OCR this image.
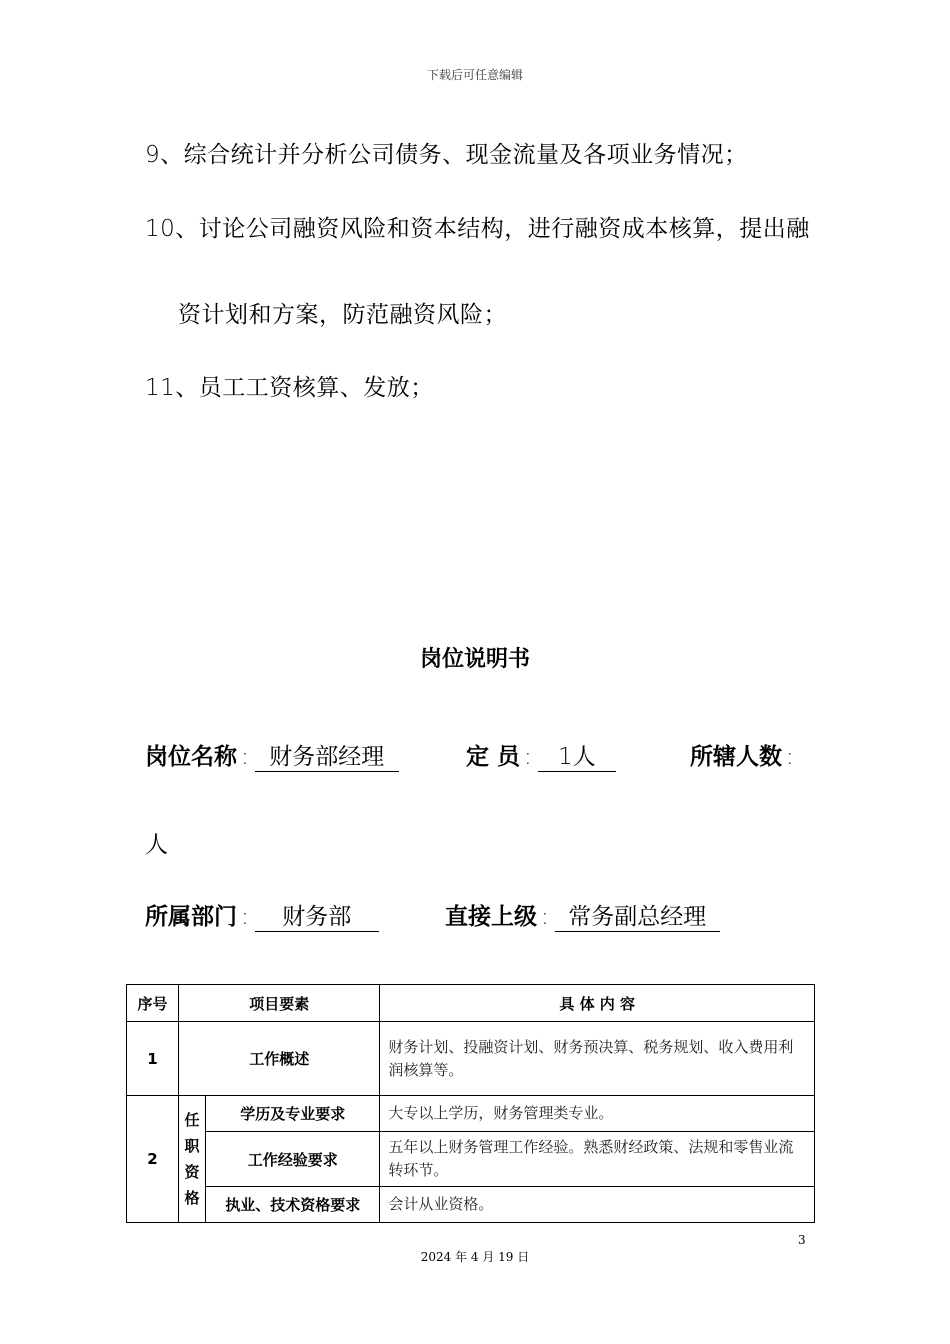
下载后可任意编辑
9、综合统计并分析公司债务、现金流量及各项业务情况；
10、讨论公司融资风险和资本结构，进行融资成本核算，提出融
资计划和方案，防范融资风险；
11、员工工资核算、发放；
岗位说明书
岗位名称 : 财务部经理	定 员 : 1人	所辖人数 :
人
所属部门 : 财务部	直接上级 : 常务副总经理
序号	项目要素		具 体 内 容
1	工作概述		财务计划、投融资计划、财务预决算、税务规划、收入费用利润核算等。
2	任
职
资
格	学历及专业要求	大专以上学历，财务管理类专业。
		工作经验要求	五年以上财务管理工作经验。熟悉财经政策、法规和零售业流转环节。
		执业、技术资格要求	会计从业资格。
3
2024 年 4 月 19 日
